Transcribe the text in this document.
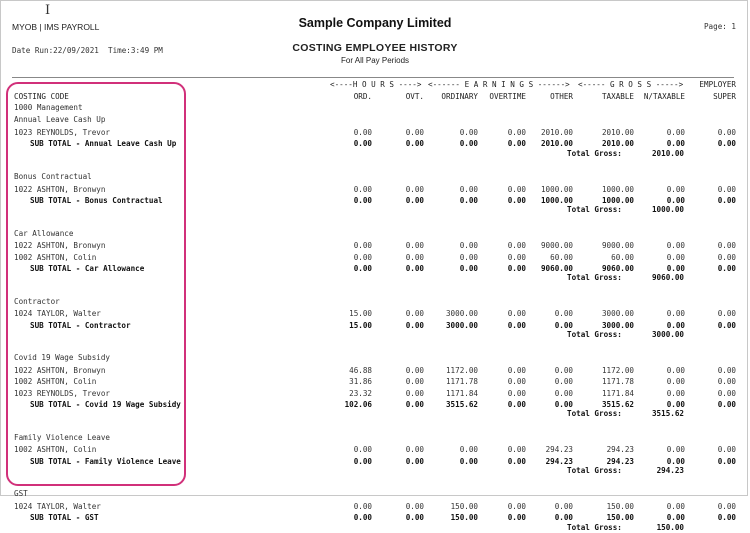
I
MYOB | IMS PAYROLL	Sample Company Limited	Page: 1
Date Run:22/09/2021  Time:3:49 PM	COSTING EMPLOYEE HISTORY
For All Pay Periods
<----H O U R S ----> <------ E A R N I N G S ------> <----- G R O S S ----->	EMPLOYER
COSTING CODE	ORD.	OVT.	ORDINARY	OVERTIME	OTHER	TAXABLE	N/TAXABLE	SUPER
1000 Management
Annual Leave Cash Up
1023 REYNOLDS, Trevor	0.00	0.00	0.00	0.00	2010.00	2010.00	0.00	0.00
SUB TOTAL - Annual Leave Cash Up	0.00	0.00	0.00	0.00	2010.00	2010.00	0.00	0.00
Total Gross:	2010.00
Bonus Contractual
1022 ASHTON, Bronwyn	0.00	0.00	0.00	0.00	1000.00	1000.00	0.00	0.00
SUB TOTAL - Bonus Contractual	0.00	0.00	0.00	0.00	1000.00	1000.00	0.00	0.00
Total Gross:	1000.00
Car Allowance
1022 ASHTON, Bronwyn	0.00	0.00	0.00	0.00	9000.00	9000.00	0.00	0.00
1002 ASHTON, Colin	0.00	0.00	0.00	0.00	60.00	60.00	0.00	0.00
SUB TOTAL - Car Allowance	0.00	0.00	0.00	0.00	9060.00	9060.00	0.00	0.00
Total Gross:	9060.00
Contractor
1024 TAYLOR, Walter	15.00	0.00	3000.00	0.00	0.00	3000.00	0.00	0.00
SUB TOTAL - Contractor	15.00	0.00	3000.00	0.00	0.00	3000.00	0.00	0.00
Total Gross:	3000.00
Covid 19 Wage Subsidy
1022 ASHTON, Bronwyn	46.88	0.00	1172.00	0.00	0.00	1172.00	0.00	0.00
1002 ASHTON, Colin	31.86	0.00	1171.78	0.00	0.00	1171.78	0.00	0.00
1023 REYNOLDS, Trevor	23.32	0.00	1171.84	0.00	0.00	1171.84	0.00	0.00
SUB TOTAL - Covid 19 Wage Subsidy	102.06	0.00	3515.62	0.00	0.00	3515.62	0.00	0.00
Total Gross:	3515.62
Family Violence Leave
1002 ASHTON, Colin	0.00	0.00	0.00	0.00	294.23	294.23	0.00	0.00
SUB TOTAL - Family Violence Leave	0.00	0.00	0.00	0.00	294.23	294.23	0.00	0.00
Total Gross:	294.23
GST
1024 TAYLOR, Walter	0.00	0.00	150.00	0.00	0.00	150.00	0.00	0.00
SUB TOTAL - GST	0.00	0.00	150.00	0.00	0.00	150.00	0.00	0.00
Total Gross:	150.00
